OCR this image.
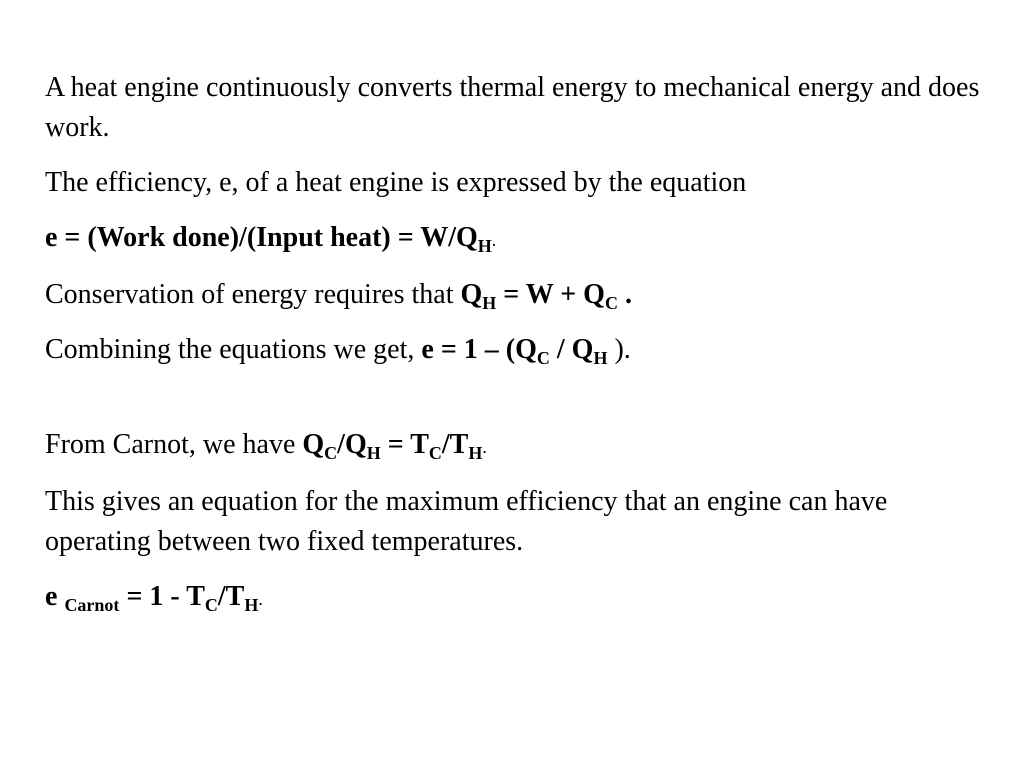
A heat engine continuously converts thermal energy to mechanical energy and does work.

The efficiency, e, of a heat engine is expressed by the equation

e = (Work done)/(Input heat) = $W/Q_H$.

Conservation of energy requires that $Q_H = W + Q_C$ .

Combining the equations we get, $e = 1 - (Q_C / Q_H$ ).

From Carnot, we have $Q_C/Q_H = T_C/T_H$.

This gives an equation for the maximum efficiency that an engine can have operating between two fixed temperatures.

e $_{Carnot} = 1 - T_C/T_H$.
